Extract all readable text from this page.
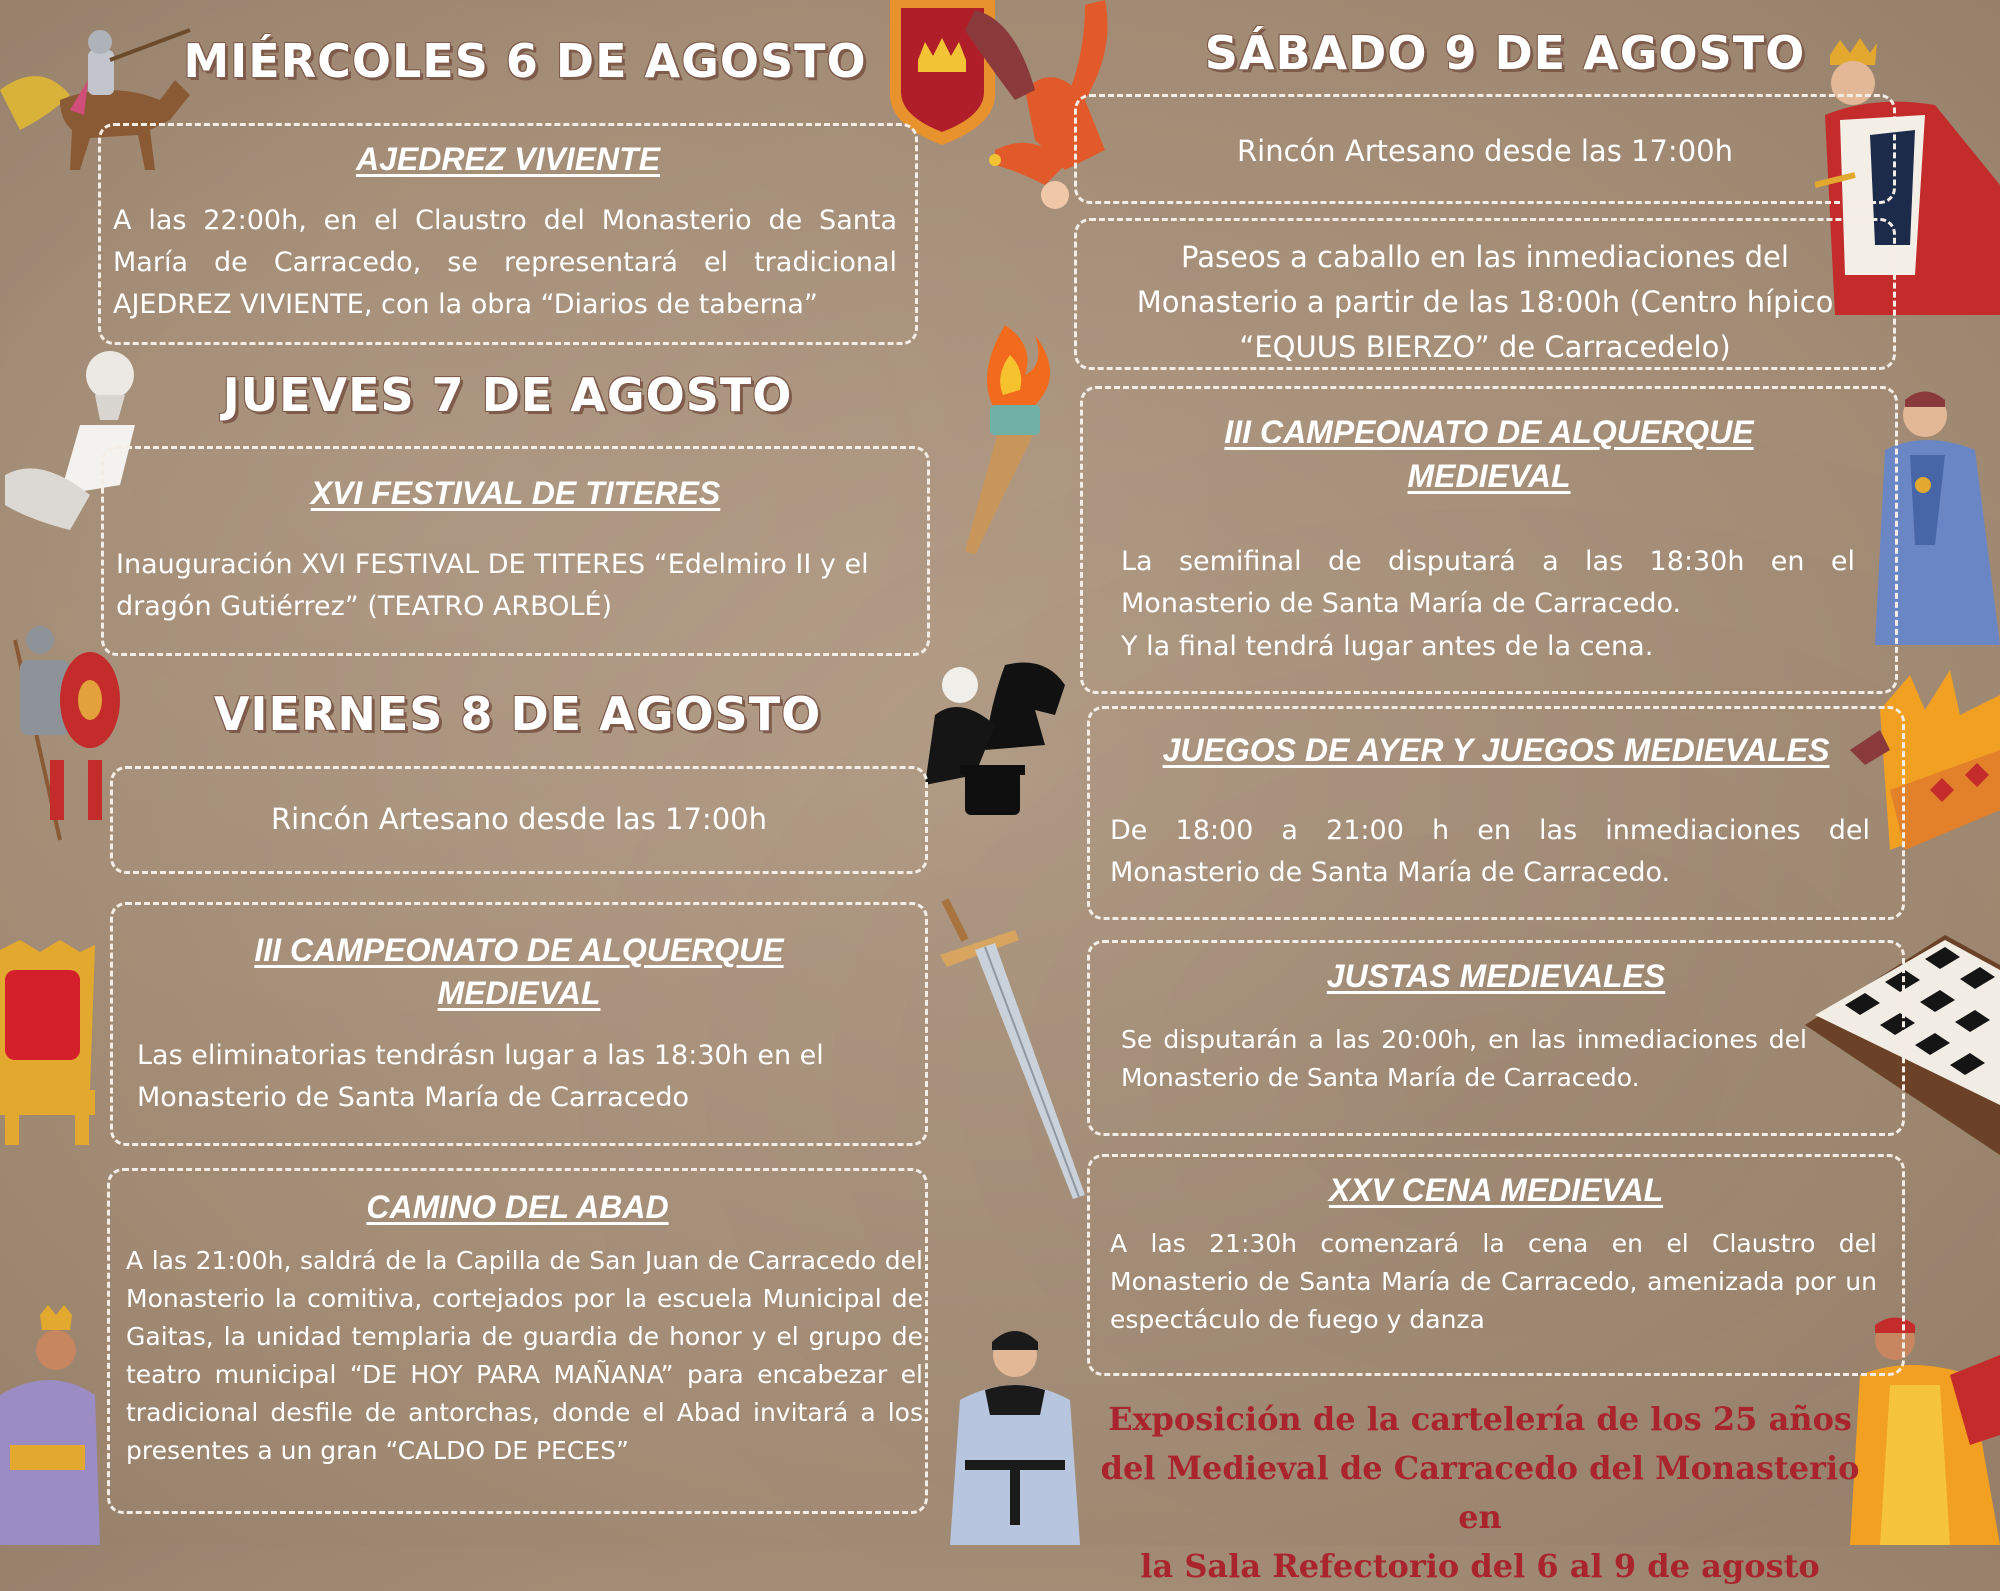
MIÉRCOLES 6 DE AGOSTO
AJEDREZ VIVIENTE

A las 22:00h, en el Claustro del Monasterio de Santa María de Carracedo, se representará el tradicional AJEDREZ VIVIENTE, con la obra “Diarios de taberna”

JUEVES 7 DE AGOSTO
XVI FESTIVAL DE TITERES

Inauguración XVI FESTIVAL DE TITERES “Edelmiro II y el dragón Gutiérrez” (TEATRO ARBOLÉ)

VIERNES 8 DE AGOSTO

Rincón Artesano desde las 17:00h

III CAMPEONATO DE ALQUERQUE
MEDIEVAL

Las eliminatorias tendrásn lugar a las 18:30h en el Monasterio de Santa María de Carracedo

CAMINO DEL ABAD

A las 21:00h, saldrá de la Capilla de San Juan de Carracedo del Monasterio la comitiva, cortejados por la escuela Municipal de Gaitas, la unidad templaria de guardia de honor y el grupo de teatro municipal “DE HOY PARA MAÑANA” para encabezar el tradicional desfile de antorchas, donde el Abad invitará a los presentes a un gran “CALDO DE PECES”

SÁBADO 9 DE AGOSTO

Rincón Artesano desde las 17:00h

Paseos a caballo en las inmediaciones del Monasterio a partir de las 18:00h (Centro hípico “EQUUS BIERZO” de Carracedelo)

III CAMPEONATO DE ALQUERQUE
MEDIEVAL

La semifinal de disputará a las 18:30h en el Monasterio de Santa María de Carracedo.

Y la final tendrá lugar antes de la cena.

JUEGOS DE AYER Y JUEGOS MEDIEVALES

De 18:00 a 21:00 h en las inmediaciones del Monasterio de Santa María de Carracedo.

JUSTAS MEDIEVALES

Se disputarán a las 20:00h, en las inmediaciones del Monasterio de Santa María de Carracedo.

XXV CENA MEDIEVAL

A las 21:30h comenzará la cena en el Claustro del Monasterio de Santa María de Carracedo, amenizada por un espectáculo de fuego y danza

Exposición de la cartelería de los 25 años
del Medieval de Carracedo del Monasterio en
la Sala Refectorio del 6 al 9 de agosto
